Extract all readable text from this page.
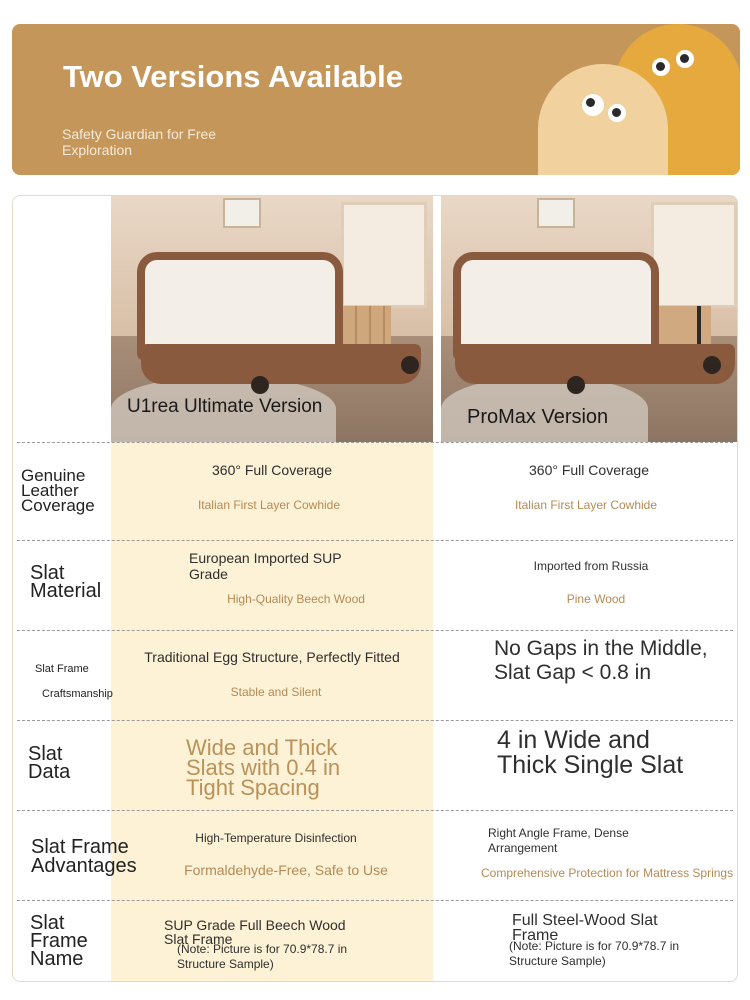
Two Versions Available
Safety Guardian for Free Exploration
U1rea Ultimate Version	ProMax Version
Genuine Leather Coverage
360° Full Coverage
Italian First Layer Cowhide
360° Full Coverage
Italian First Layer Cowhide
Slat Material
European Imported SUP Grade
High-Quality Beech Wood
Imported from Russia
Pine Wood
Slat Frame
Craftsmanship
Traditional Egg Structure, Perfectly Fitted
Stable and Silent
No Gaps in the Middle, Slat Gap < 0.8 in
Slat Data
Wide and Thick Slats with 0.4 in Tight Spacing
4 in Wide and Thick Single Slat
Slat Frame Advantages
High-Temperature Disinfection
Formaldehyde-Free, Safe to Use
Right Angle Frame, Dense Arrangement
Comprehensive Protection for Mattress Springs
Slat Frame Name
SUP Grade Full Beech Wood Slat Frame
(Note: Picture is for 70.9*78.7 in Structure Sample)
Full Steel-Wood Slat Frame
(Note: Picture is for 70.9*78.7 in Structure Sample)
